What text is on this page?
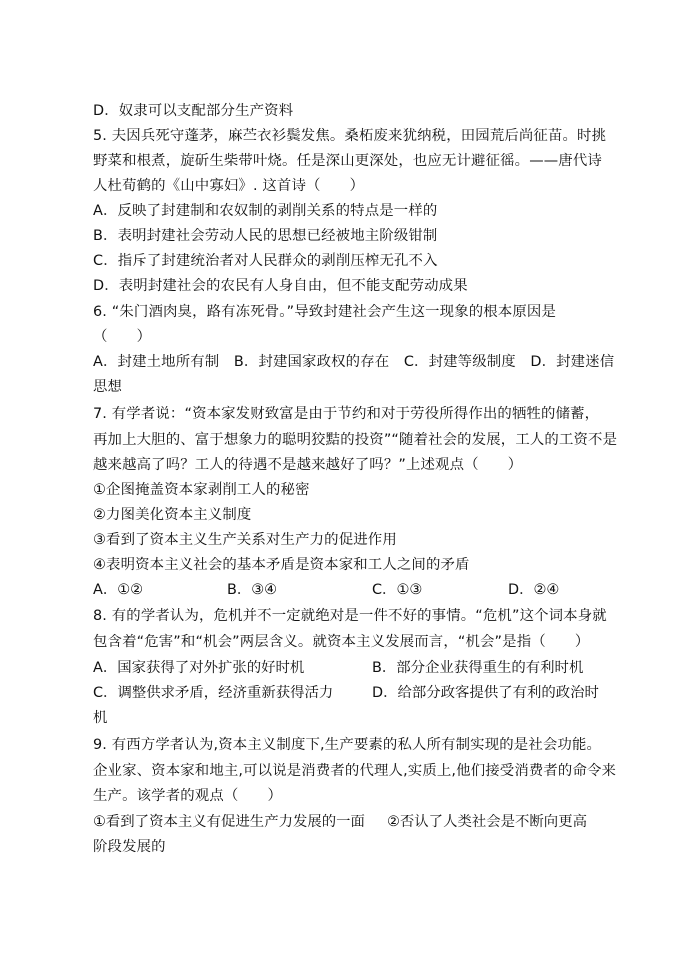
D．奴隶可以支配部分生产资料
5. 夫因兵死守蓬茅，麻苎衣衫鬓发焦。桑柘废来犹纳税，田园荒后尚征苗。时挑
野菜和根煮，旋斫生柴带叶烧。任是深山更深处，也应无计避征徭。——唐代诗
人杜荀鹤的《山中寡妇》. 这首诗（　　）
A．反映了封建制和农奴制的剥削关系的特点是一样的
B．表明封建社会劳动人民的思想已经被地主阶级钳制
C．指斥了封建统治者对人民群众的剥削压榨无孔不入
D．表明封建社会的农民有人身自由，但不能支配劳动成果
6. “朱门酒肉臭，路有冻死骨。”导致封建社会产生这一现象的根本原因是
（　　）
A．封建土地所有制　B．封建国家政权的存在　C．封建等级制度　D．封建迷信
思想
7. 有学者说：“资本家发财致富是由于节约和对于劳役所得作出的牺牲的储蓄，
再加上大胆的、富于想象力的聪明狡黠的投资”“随着社会的发展，工人的工资不是
越来越高了吗？工人的待遇不是越来越好了吗？”上述观点（　　）
①企图掩盖资本家剥削工人的秘密
②力图美化资本主义制度
③看到了资本主义生产关系对生产力的促进作用
④表明资本主义社会的基本矛盾是资本家和工人之间的矛盾
A．①②	B．③④	C．①③	D．②④
8. 有的学者认为，危机并不一定就绝对是一件不好的事情。“危机”这个词本身就
包含着“危害”和“机会”两层含义。就资本主义发展而言，“机会”是指（　　）
A．国家获得了对外扩张的好时机	B．部分企业获得重生的有利时机
C．调整供求矛盾，经济重新获得活力	D．给部分政客提供了有利的政治时
机
9. 有西方学者认为,资本主义制度下,生产要素的私人所有制实现的是社会功能。
企业家、资本家和地主,可以说是消费者的代理人,实质上,他们接受消费者的命令来
生产。该学者的观点（　　）
①看到了资本主义有促进生产力发展的一面 ②否认了人类社会是不断向更高
阶段发展的
